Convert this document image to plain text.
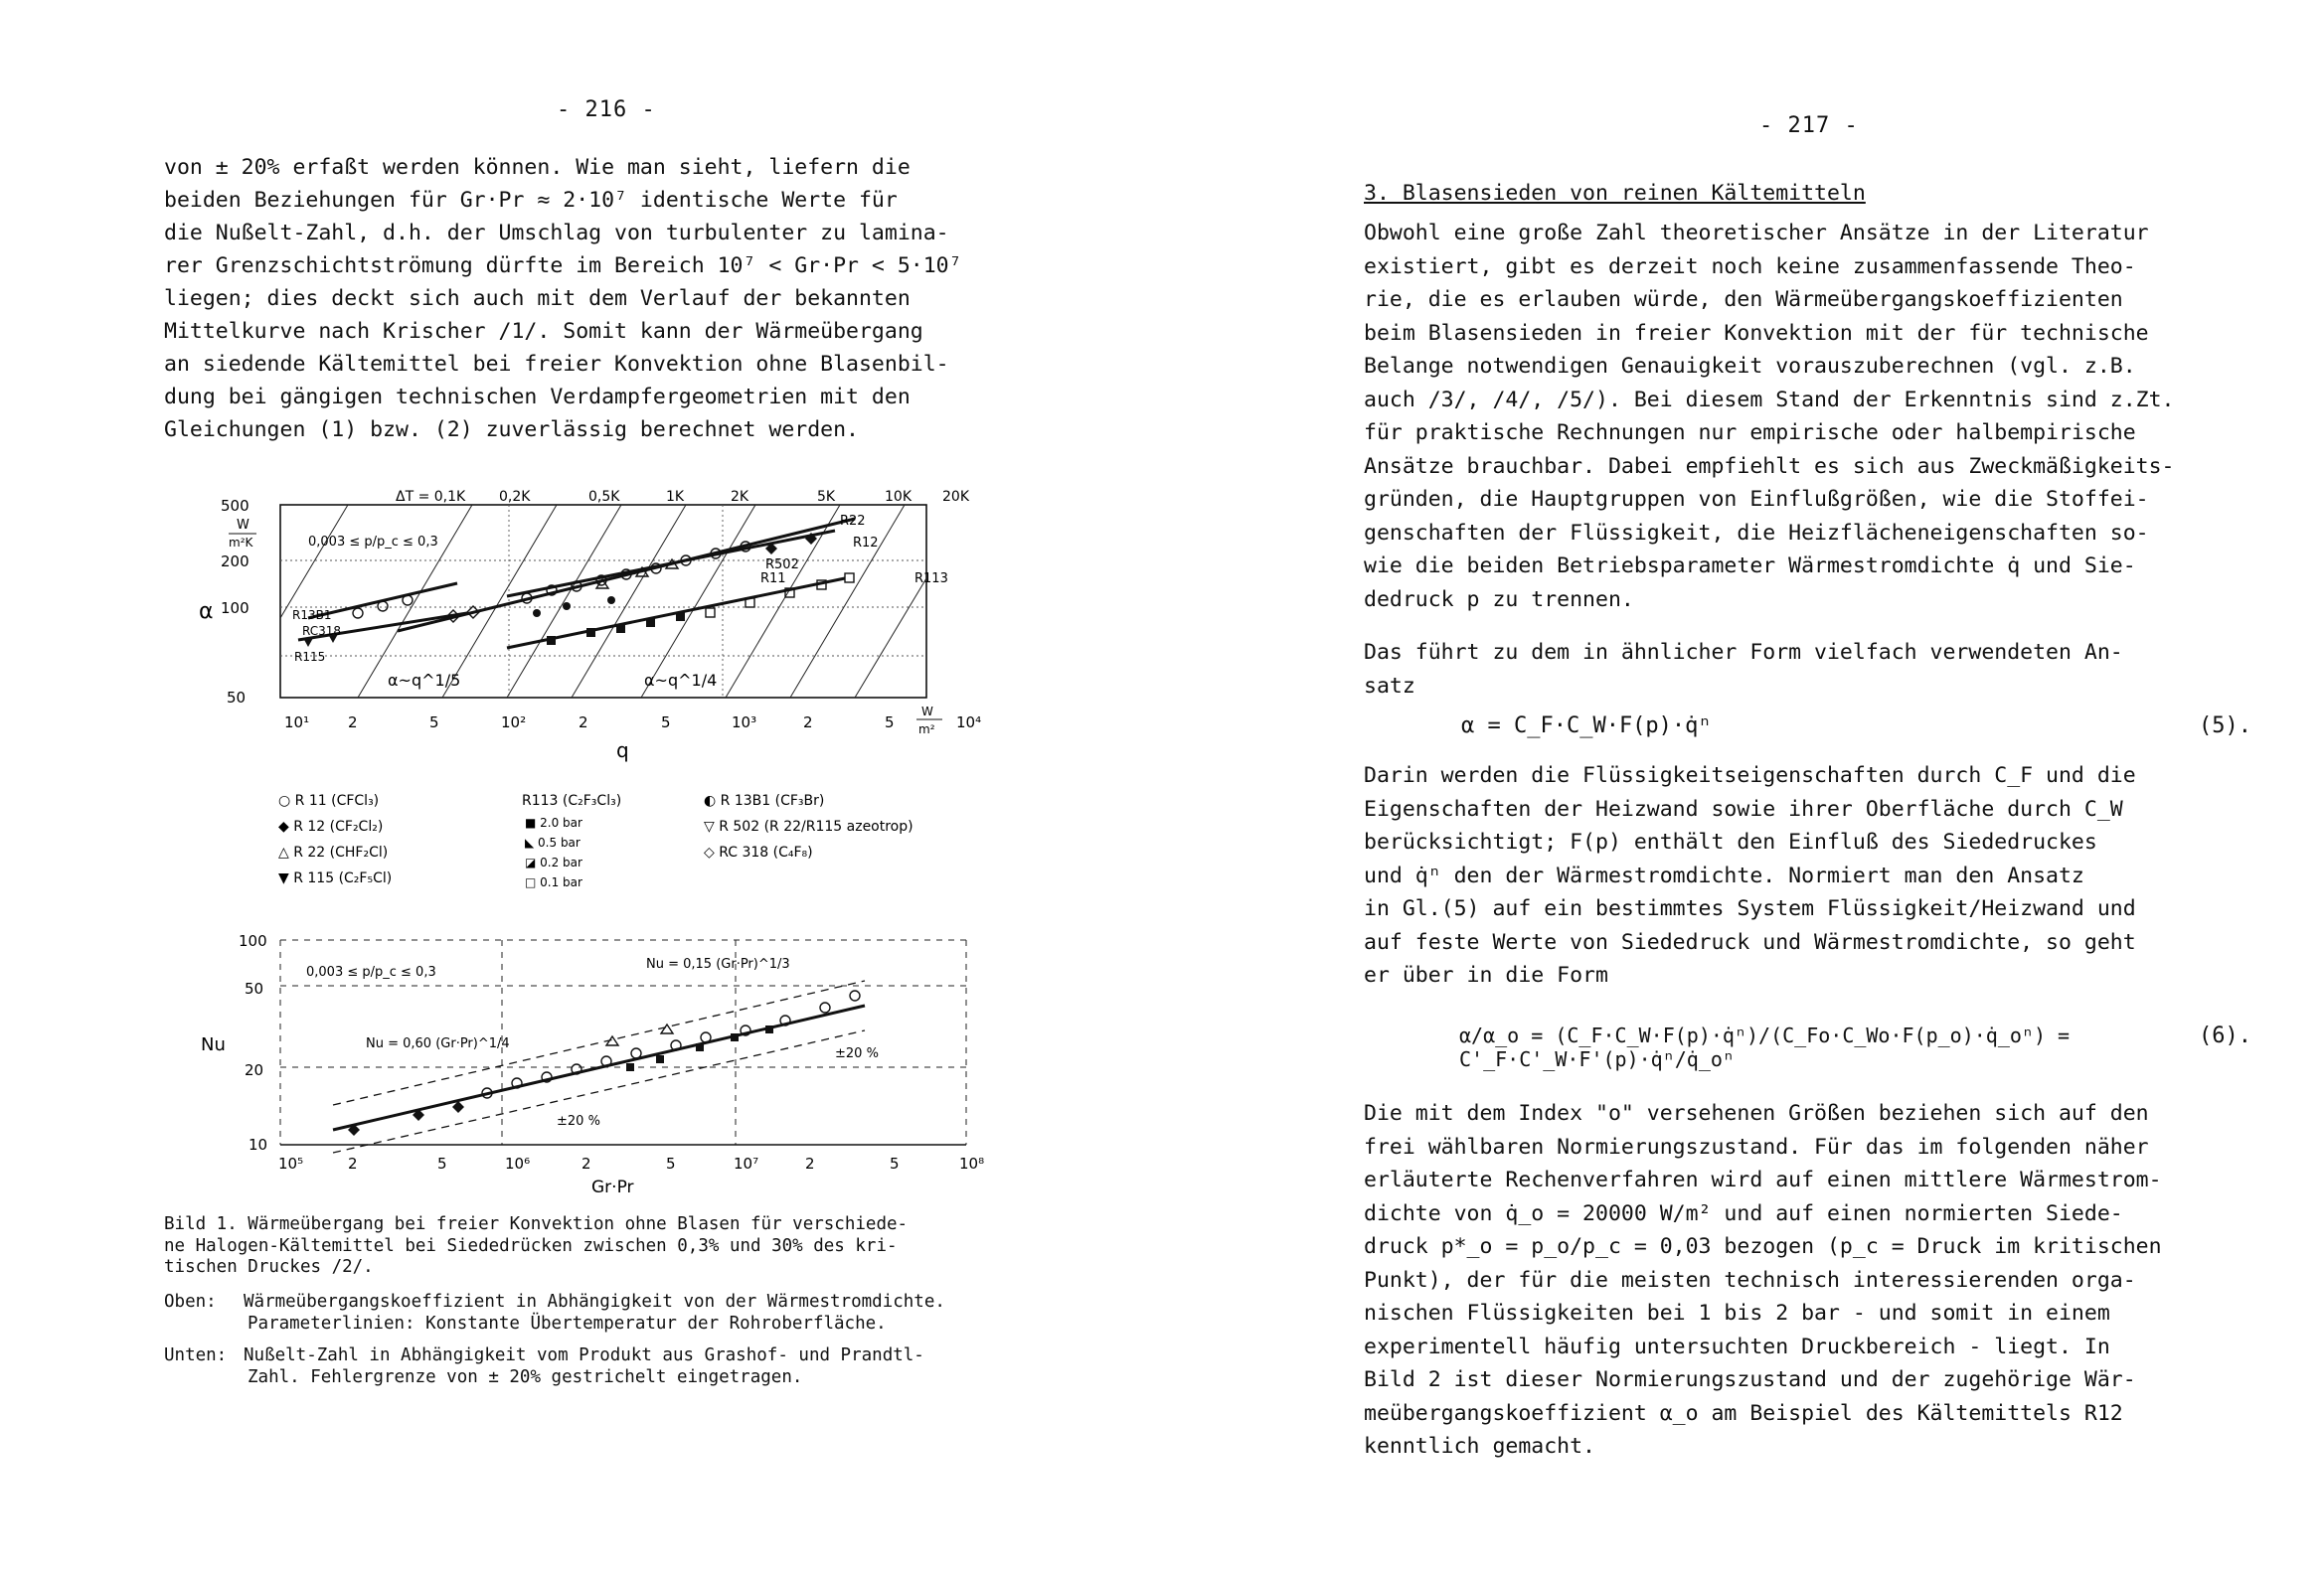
- 216 -

von ± 20% erfaßt werden können. Wie man sieht, liefern die

beiden Beziehungen für Gr·Pr ≈ 2·10⁷ identische Werte für

die Nußelt-Zahl, d.h. der Umschlag von turbulenter zu lamina-

rer Grenzschichtströmung dürfte im Bereich 10⁷ < Gr·Pr < 5·10⁷

liegen; dies deckt sich auch mit dem Verlauf der bekannten

Mittelkurve nach Krischer /1/. Somit kann der Wärmeübergang

an siedende Kältemittel bei freier Konvektion ohne Blasenbil-

dung bei gängigen technischen Verdampfergeometrien mit den

Gleichungen (1) bzw. (2) zuverlässig berechnet werden.

500
200
100
50
α
W
m²K
10¹	2	5	10²	2	5	10³	2	5	10⁴
q
W
m²
ΔT = 0,1K 0,2K	0,5K	1K	2K	5K	10K 20K
0,003 ≤ p/p_c ≤ 0,3
α~q^1/5	α~q^1/4
R22
R12
R502
R11	R113
R13B1
RC318
R115
○ R 11 (CFCl₃)
◆ R 12 (CF₂Cl₂)
△ R 22 (CHF₂Cl)
▼ R 115 (C₂F₅Cl)
R113 (C₂F₃Cl₃)
■ 2.0 bar
◣ 0.5 bar
◪ 0.2 bar
□ 0.1 bar
◐ R 13B1 (CF₃Br)
▽ R 502 (R 22/R115 azeotrop)
◇ RC 318 (C₄F₈)
100
50
20
10
Nu
10⁵	2	5	10⁶	2	5	10⁷	2	5	10⁸
Gr·Pr
0,003 ≤ p/p_c ≤ 0,3
Nu = 0,15 (Gr·Pr)^1/3
Nu = 0,60 (Gr·Pr)^1/4
±20 %
±20 %

Bild 1. Wärmeübergang bei freier Konvektion ohne Blasen für verschiede-

ne Halogen-Kältemittel bei Siededrücken zwischen 0,3% und 30% des kri-

tischen Druckes /2/.

Oben: Wärmeübergangskoeffizient in Abhängigkeit von der Wärmestromdichte.

Parameterlinien: Konstante Übertemperatur der Rohroberfläche.

Unten: Nußelt-Zahl in Abhängigkeit vom Produkt aus Grashof- und Prandtl-

Zahl. Fehlergrenze von ± 20% gestrichelt eingetragen.

- 217 -

3. Blasensieden von reinen Kältemitteln

Obwohl eine große Zahl theoretischer Ansätze in der Literatur

existiert, gibt es derzeit noch keine zusammenfassende Theo-

rie, die es erlauben würde, den Wärmeübergangskoeffizienten

beim Blasensieden in freier Konvektion mit der für technische

Belange notwendigen Genauigkeit vorauszuberechnen (vgl. z.B.

auch /3/, /4/, /5/). Bei diesem Stand der Erkenntnis sind z.Zt.

für praktische Rechnungen nur empirische oder halbempirische

Ansätze brauchbar. Dabei empfiehlt es sich aus Zweckmäßigkeits-

gründen, die Hauptgruppen von Einflußgrößen, wie die Stoffei-

genschaften der Flüssigkeit, die Heizflächeneigenschaften so-

wie die beiden Betriebsparameter Wärmestromdichte q̇ und Sie-

dedruck p zu trennen.

Das führt zu dem in ähnlicher Form vielfach verwendeten An-

satz

α = C_F·C_W·F(p)·q̇ⁿ	(5).

Darin werden die Flüssigkeitseigenschaften durch C_F und die

Eigenschaften der Heizwand sowie ihrer Oberfläche durch C_W

berücksichtigt; F(p) enthält den Einfluß des Siededruckes

und q̇ⁿ den der Wärmestromdichte. Normiert man den Ansatz

in Gl.(5) auf ein bestimmtes System Flüssigkeit/Heizwand und

auf feste Werte von Siededruck und Wärmestromdichte, so geht

er über in die Form

α/α_o = (C_F·C_W·F(p)·q̇ⁿ)/(C_Fo·C_Wo·F(p_o)·q̇_oⁿ) = C'_F·C'_W·F'(p)·q̇ⁿ/q̇_oⁿ
(6).

Die mit dem Index "o" versehenen Größen beziehen sich auf den

frei wählbaren Normierungszustand. Für das im folgenden näher

erläuterte Rechenverfahren wird auf einen mittlere Wärmestrom-

dichte von q̇_o = 20000 W/m² und auf einen normierten Siede-

druck p*_o = p_o/p_c = 0,03 bezogen (p_c = Druck im kritischen

Punkt), der für die meisten technisch interessierenden orga-

nischen Flüssigkeiten bei 1 bis 2 bar - und somit in einem

experimentell häufig untersuchten Druckbereich - liegt. In

Bild 2 ist dieser Normierungszustand und der zugehörige Wär-

meübergangskoeffizient α_o am Beispiel des Kältemittels R12

kenntlich gemacht.
